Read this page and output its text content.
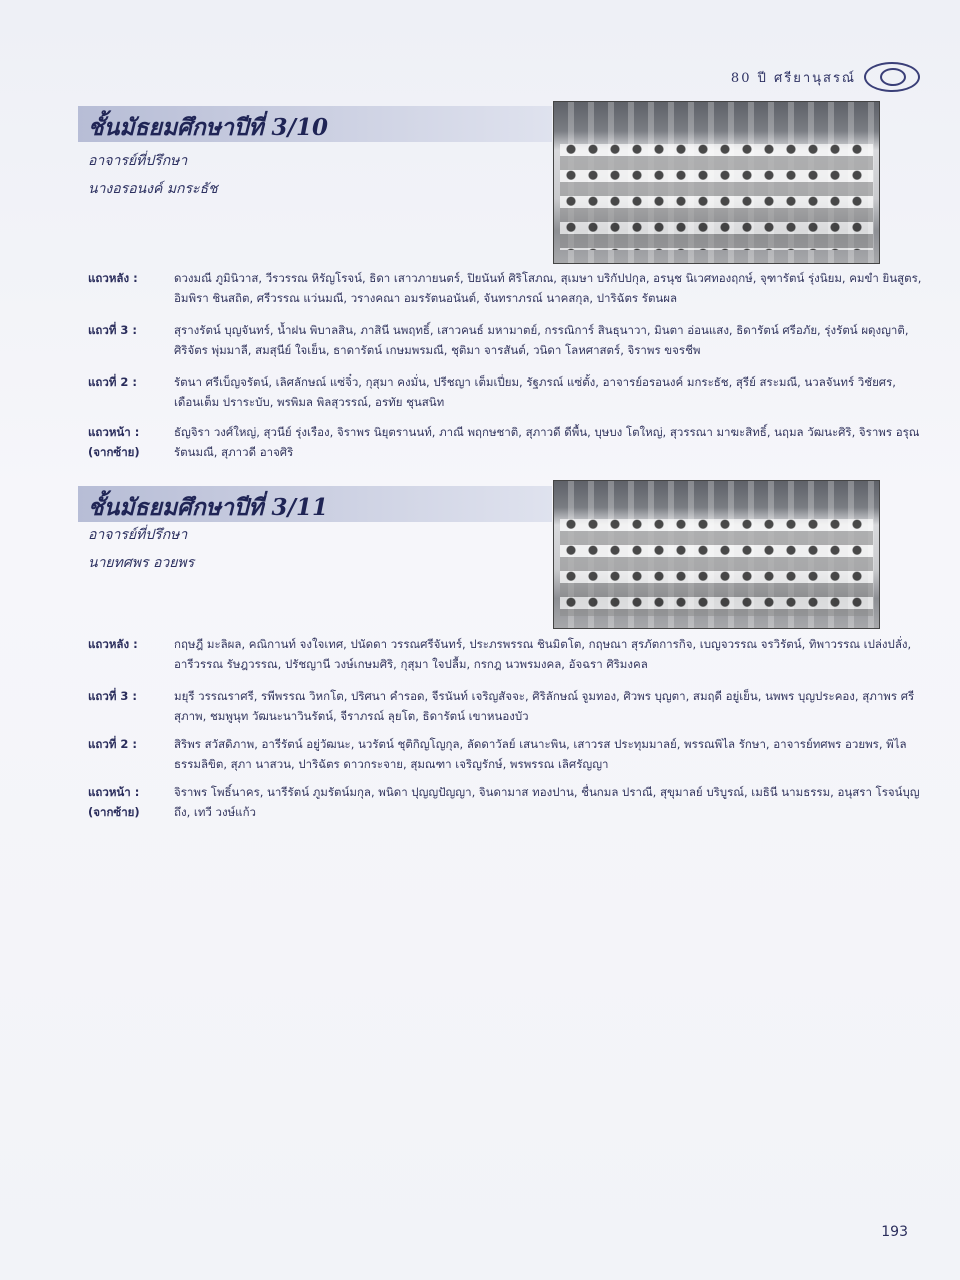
80 ปี ศรียานุสรณ์
ชั้นมัธยมศึกษาปีที่ 3/10
อาจารย์ที่ปรึกษา
นางอรอนงค์ มกระธัช
แถวหลัง :	ดวงมณี ภูมินิวาส, วีรวรรณ หิรัญโรจน์, ธิดา เสาวภายนตร์, ปิยนันท์ ศิริโสภณ, สุเมษา บริกัปปกุล, อรนุช นิเวศทองฤกษ์, จุฑารัตน์ รุ่งนิยม, คมขำ ยินสูตร, อิมพิรา ชินสถิต, ศรีวรรณ แว่นมณี, วรางคณา อมรรัตนอนันต์, จันทราภรณ์ นาคสกุล, ปาริฉัตร รัตนผล
แถวที่ 3 :	สุรางรัตน์ บุญจันทร์, น้ำฝน พิบาลสิน, ภาสินี นพฤทธิ์, เสาวคนธ์ มหามาตย์, กรรณิการ์ สินธุนาวา, มินตา อ่อนแสง, ธิดารัตน์ ศรีอภัย, รุ่งรัตน์ ผดุงญาติ, ศิริจัตร พุ่มมาลี, สมสุนีย์ ใจเย็น, ธาดารัตน์ เกษมพรมณี, ชุติมา จารสันต์, วนิดา โลหศาสตร์, จิราพร ขจรชีพ
แถวที่ 2 :	รัตนา ศรีเบ็ญจรัตน์, เลิศลักษณ์ แซ่จิ๋ว, กุสุมา คงมั่น, ปรีชญา เต็มเปี่ยม, รัฐภรณ์ แซ่ตั้ง, อาจารย์อรอนงค์ มกระธัช, สุรีย์ สระมณี, นวลจันทร์ วิชัยศร, เดือนเต็ม ปราระบับ, พรพิมล พิลสุวรรณ์, อรทัย ชุนสนิท
แถวหน้า :
(จากซ้าย)
ธัญจิรา วงศ์ใหญ่, สุวนีย์ รุ่งเรือง, จิราพร นิยุตรานนท์, ภาณี พฤกษชาติ, สุภาวดี ดีพื้น, บุษบง โตใหญ่, สุวรรณา มาฆะสิทธิ์, นฤมล วัฒนะศิริ, จิราพร อรุณรัตนมณี, สุภาวดี อาจศิริ
ชั้นมัธยมศึกษาปีที่ 3/11
อาจารย์ที่ปรึกษา
นายทศพร อวยพร
แถวหลัง :	กฤษฎี มะลิผล, คณิกานท์ จงใจเทศ, ปนัดดา วรรณศรีจันทร์, ประภรพรรณ ชินมิตโต, กฤษณา สุรภัตการกิจ, เบญจวรรณ จรวิรัตน์, ทิพาวรรณ เปล่งปลั่ง, อารีวรรณ รัษฎวรรณ, ปรัชญานี วงษ์เกษมศิริ, กุสุมา ใจปลื้ม, กรกฎ นวพรมงคล, อัจฉรา ศิริมงคล
แถวที่ 3 :	มยุรี วรรณราศรี, รพีพรรณ วิหกโต, ปริศนา คำรอด, จีรนันท์ เจริญสัจจะ, ศิริลักษณ์ จูมทอง, ศิวพร บุญตา, สมฤดี อยู่เย็น, นพพร บุญประคอง, สุภาพร ศรีสุภาพ, ชมพูนุท วัฒนะนาวินรัตน์, จีราภรณ์ ลุยโต, ธิดารัตน์ เขาหนองบัว
แถวที่ 2 :	สิริพร สวัสดิภาพ, อารีรัตน์ อยู่วัฒนะ, นวรัตน์ ชุติกิญโญกุล, ลัดดาวัลย์ เสนาะพิน, เสาวรส ประทุมมาลย์, พรรณพิไล รักษา, อาจารย์ทศพร อวยพร, พิไล ธรรมลิขิต, สุภา นาสวน, ปาริฉัตร ดาวกระจาย, สุมณฑา เจริญรักษ์, พรพรรณ เลิศรัญญา
แถวหน้า :
(จากซ้าย)
จิราพร โพธิ์นาคร, นารีรัตน์ ภูมรัตน์มกุล, พนิดา ปุญญปัญญา, จินดามาส ทองปาน, ชื่นกมล ปราณี, สุขุมาลย์ บริบูรณ์, เมธินี นามธรรม, อนุสรา โรจน์บุญถึง, เทวี วงษ์แก้ว
193
